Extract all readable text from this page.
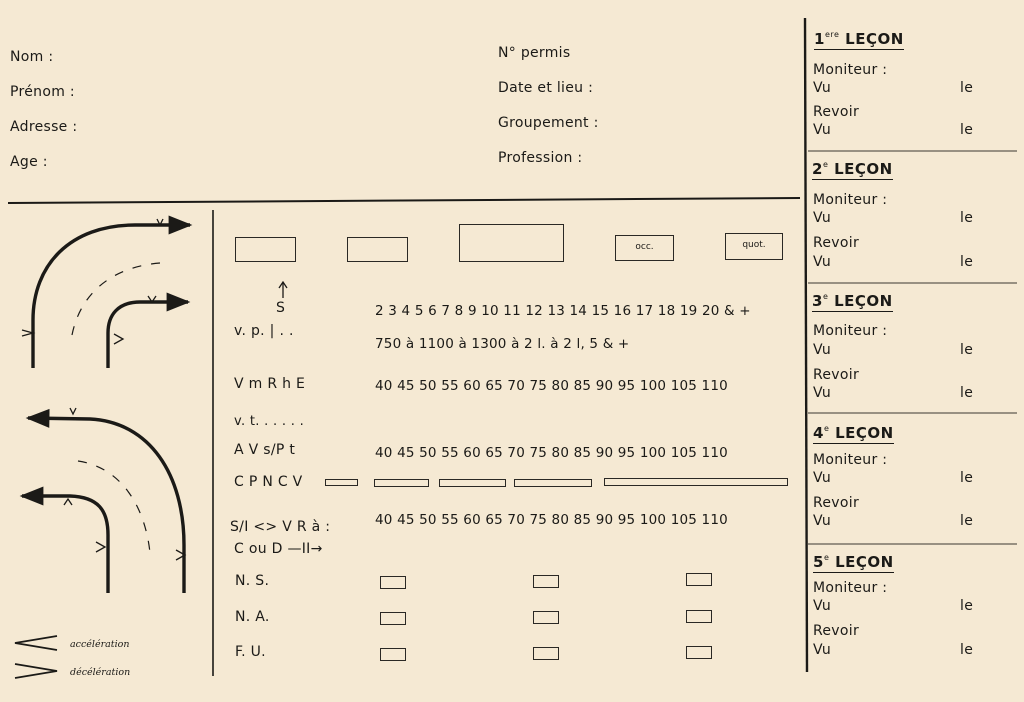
Nom :
Prénom :
Adresse :
Age :
N° permis
Date et lieu :
Groupement :
Profession :
occ.	quot.
S
v. p. | . .
2 3 4 5 6 7 8 9 10 11 12 13 14 15 16 17 18 19 20 & +
750 à 1100 à 1300 à 2 l. à 2 l, 5 & +
V m R h E	40 45 50 55 60 65 70 75 80 85 90 95 100 105 110
v. t. . . . . .
A V s/P t	40 45 50 55 60 65 70 75 80 85 90 95 100 105 110
C P N C V
S/I <> V R à :	40 45 50 55 60 65 70 75 80 85 90 95 100 105 110
C ou D —II→
N. S.
N. A.
F. U.
accélération
décélération
1ere LEÇON
Moniteur :
Vu	le
Revoir
Vu	le
2e LEÇON
Moniteur :
Vu	le
Revoir
Vu	le
3e LEÇON
Moniteur :
Vu	le
Revoir
Vu	le
4e LEÇON
Moniteur :
Vu	le
Revoir
Vu	le
5e LEÇON
Moniteur :
Vu	le
Revoir
Vu	le
